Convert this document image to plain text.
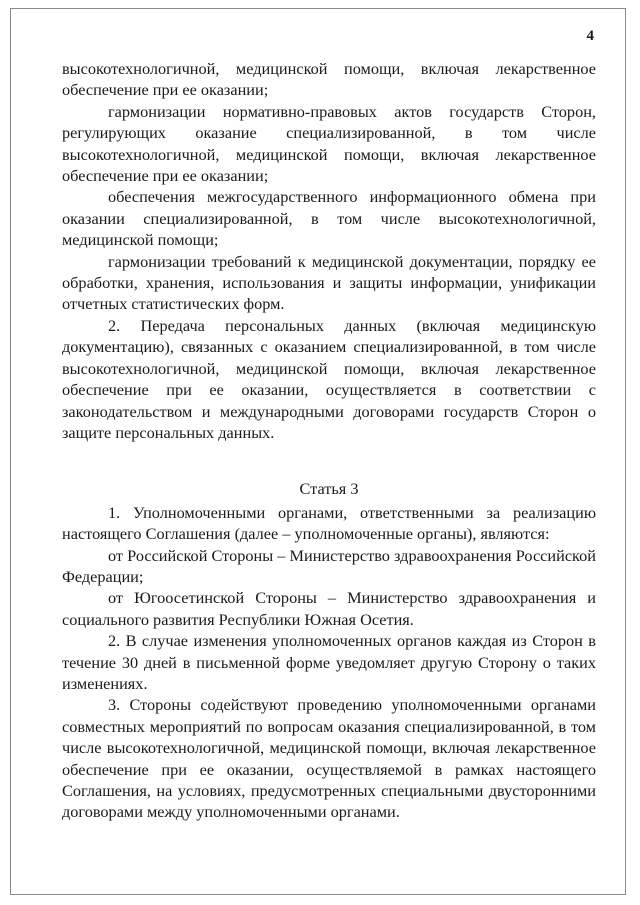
4

высокотехнологичной, медицинской помощи, включая лекарственное обеспечение при ее оказании;

гармонизации нормативно-правовых актов государств Сторон, регулирующих оказание специализированной, в том числе высокотехнологичной, медицинской помощи, включая лекарственное обеспечение при ее оказании;

обеспечения межгосударственного информационного обмена при оказании специализированной, в том числе высокотехнологичной, медицинской помощи;

гармонизации требований к медицинской документации, порядку ее обработки, хранения, использования и защиты информации, унификации отчетных статистических форм.

2. Передача персональных данных (включая медицинскую документацию), связанных с оказанием специализированной, в том числе высокотехнологичной, медицинской помощи, включая лекарственное обеспечение при ее оказании, осуществляется в соответствии с законодательством и международными договорами государств Сторон о защите персональных данных.

Статья 3

1. Уполномоченными органами, ответственными за реализацию настоящего Соглашения (далее – уполномоченные органы), являются:

от Российской Стороны – Министерство здравоохранения Российской Федерации;

от Югоосетинской Стороны – Министерство здравоохранения и социального развития Республики Южная Осетия.

2. В случае изменения уполномоченных органов каждая из Сторон в течение 30 дней в письменной форме уведомляет другую Сторону о таких изменениях.

3. Стороны содействуют проведению уполномоченными органами совместных мероприятий по вопросам оказания специализированной, в том числе высокотехнологичной, медицинской помощи, включая лекарственное обеспечение при ее оказании, осуществляемой в рамках настоящего Соглашения, на условиях, предусмотренных специальными двусторонними договорами между уполномоченными органами.
